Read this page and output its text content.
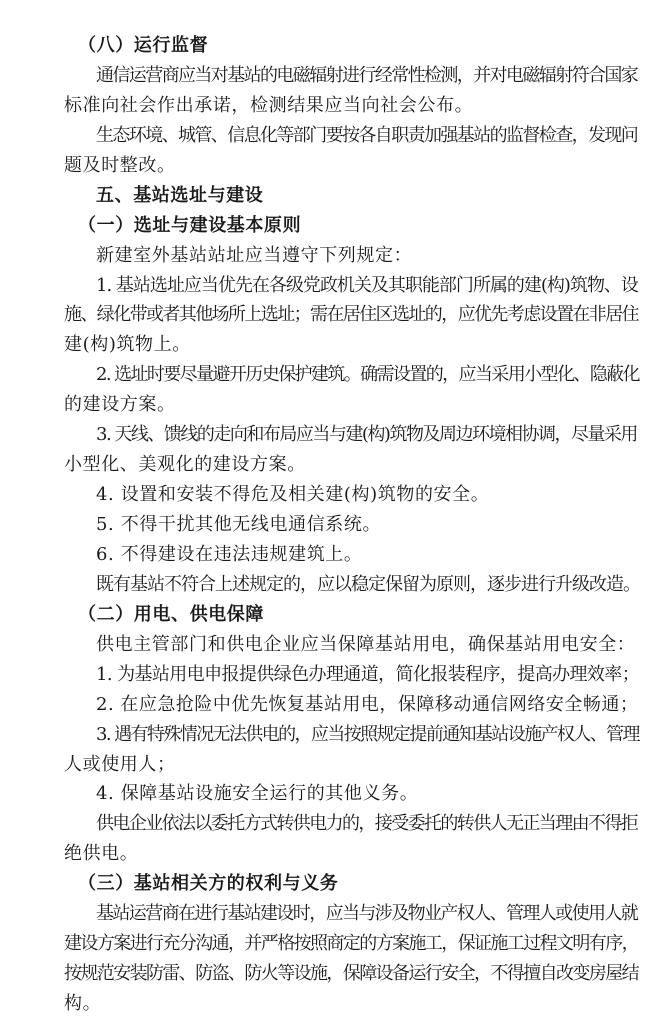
（八）运行监督
通信运营商应当对基站的电磁辐射进行经常性检测，并对电磁辐射符合国家
标准向社会作出承诺，检测结果应当向社会公布。
生态环境、城管、信息化等部门要按各自职责加强基站的监督检查，发现问
题及时整改。
五、基站选址与建设
（一）选址与建设基本原则
新建室外基站站址应当遵守下列规定：
1. 基站选址应当优先在各级党政机关及其职能部门所属的建(构)筑物、设
施、绿化带或者其他场所上选址；需在居住区选址的，应优先考虑设置在非居住
建(构)筑物上。
2. 选址时要尽量避开历史保护建筑。确需设置的，应当采用小型化、隐蔽化
的建设方案。
3. 天线、馈线的走向和布局应当与建(构)筑物及周边环境相协调，尽量采用
小型化、美观化的建设方案。
4. 设置和安装不得危及相关建(构)筑物的安全。
5. 不得干扰其他无线电通信系统。
6. 不得建设在违法违规建筑上。
既有基站不符合上述规定的，应以稳定保留为原则，逐步进行升级改造。
（二）用电、供电保障
供电主管部门和供电企业应当保障基站用电，确保基站用电安全：
1. 为基站用电申报提供绿色办理通道，简化报装程序，提高办理效率；
2. 在应急抢险中优先恢复基站用电，保障移动通信网络安全畅通；
3. 遇有特殊情况无法供电的，应当按照规定提前通知基站设施产权人、管理
人或使用人；
4. 保障基站设施安全运行的其他义务。
供电企业依法以委托方式转供电力的，接受委托的转供人无正当理由不得拒
绝供电。
（三）基站相关方的权利与义务
基站运营商在进行基站建设时，应当与涉及物业产权人、管理人或使用人就
建设方案进行充分沟通，并严格按照商定的方案施工，保证施工过程文明有序，
按规范安装防雷、防盗、防火等设施，保障设备运行安全，不得擅自改变房屋结
构。
